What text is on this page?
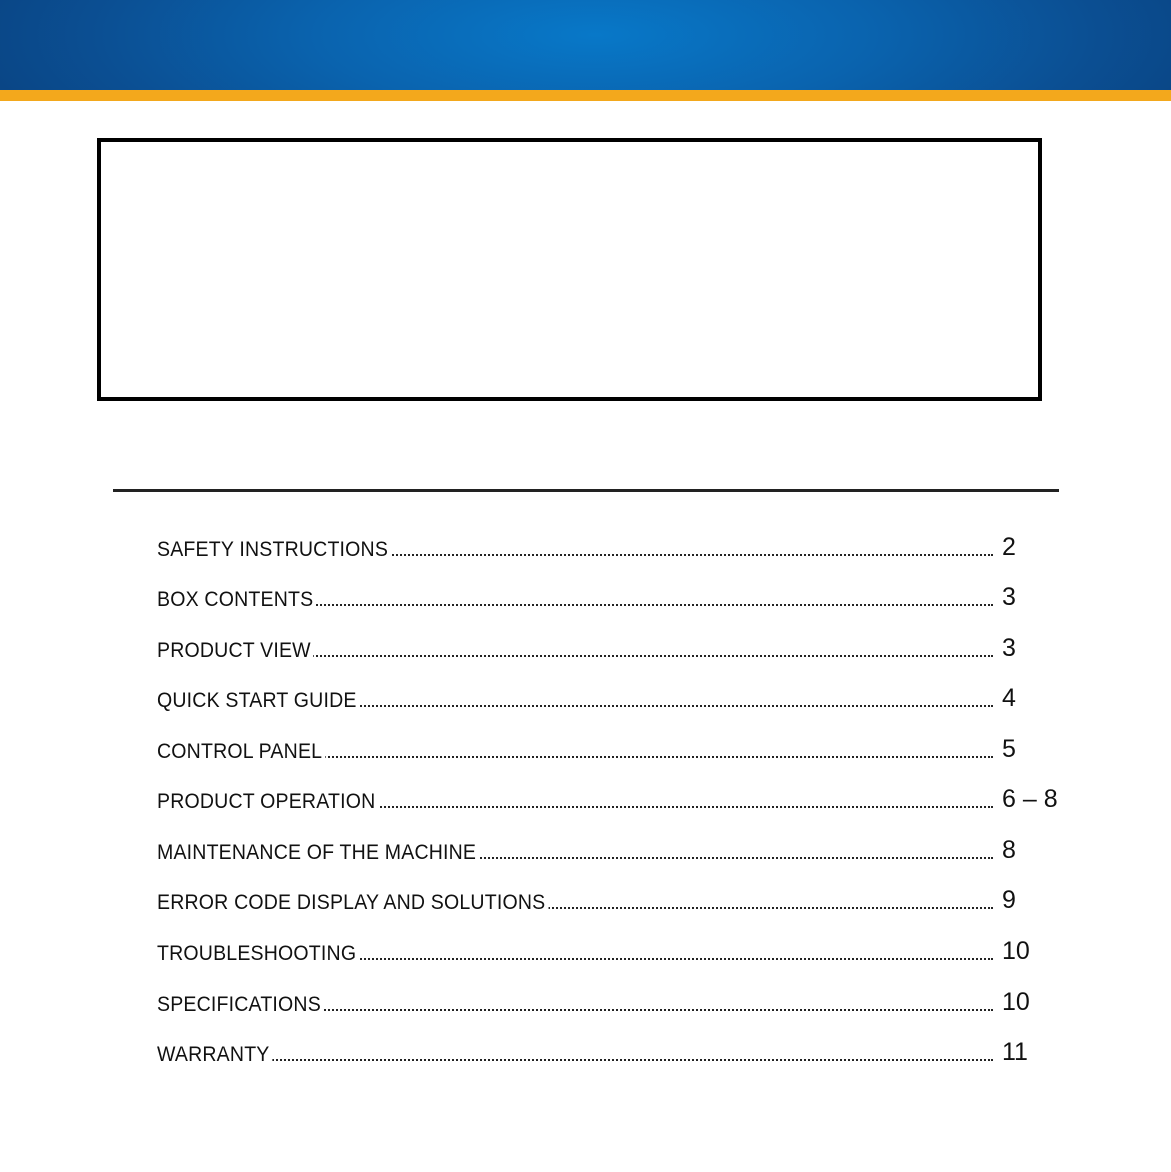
SAFETY INSTRUCTIONS	2
BOX CONTENTS	3
PRODUCT VIEW	3
QUICK START GUIDE	4
CONTROL PANEL	5
PRODUCT OPERATION	6 – 8
MAINTENANCE OF THE MACHINE	8
ERROR CODE DISPLAY AND SOLUTIONS	9
TROUBLESHOOTING	10
SPECIFICATIONS	10
WARRANTY	11
